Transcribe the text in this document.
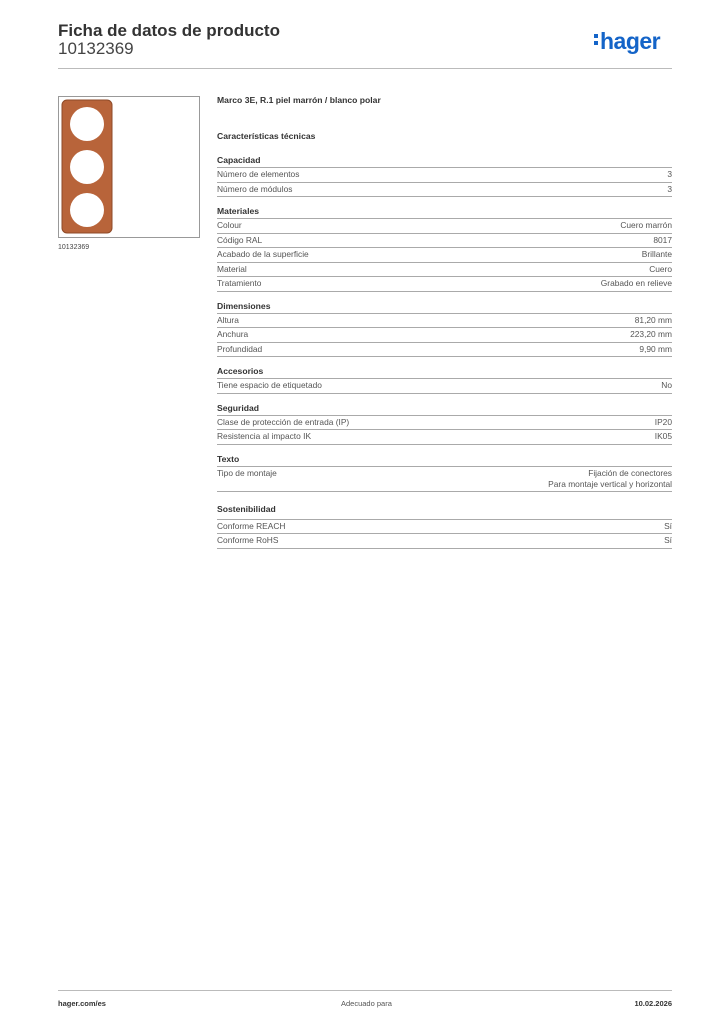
Ficha de datos de producto
10132369	hager
10132369
Marco 3E, R.1 piel marrón / blanco polar
Características técnicas
Capacidad
Número de elementos	3
Número de módulos	3
Materiales
Colour	Cuero marrón
Código RAL	8017
Acabado de la superficie	Brillante
Material	Cuero
Tratamiento	Grabado en relieve
Dimensiones
Altura	81,20 mm
Anchura	223,20 mm
Profundidad	9,90 mm
Accesorios
Tiene espacio de etiquetado	No
Seguridad
Clase de protección de entrada (IP)	IP20
Resistencia al impacto IK	IK05
Texto
Tipo de montaje	Fijación de conectores
Para montaje vertical y horizontal
Sostenibilidad
Conforme REACH	Sí
Conforme RoHS	Sí
hager.com/es	Adecuado para	10.02.2026
